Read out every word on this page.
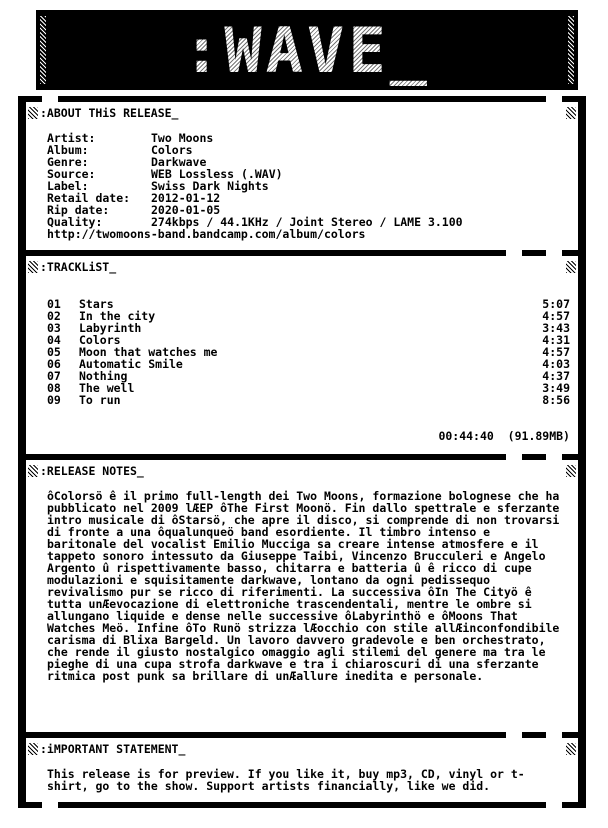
:WAVE_
:ABOUT THiS RELEASE_
Artist:	Two Moons
Album:	Colors
Genre:	Darkwave
Source:	WEB Lossless (.WAV)
Label:	Swiss Dark Nights
Retail date:	2012-01-12
Rip date:	2020-01-05
Quality:	274kbps / 44.1KHz / Joint Stereo / LAME 3.100
http://twomoons-band.bandcamp.com/album/colors
:TRACKLiST_
01	Stars	5:07
02	In the city	4:57
03	Labyrinth	3:43
04	Colors	4:31
05	Moon that watches me	4:57
06	Automatic Smile	4:03
07	Nothing	4:37
08	The well	3:49
09	To run	8:56
00:44:40  (91.89MB)
:RELEASE NOTES_
ôColorsö ê il primo full-length dei Two Moons, formazione bolognese che ha pubblicato nel 2009 lÆEP ôThe First Moonö. Fin dallo spettrale e sferzante intro musicale di ôStarsö, che apre il disco, si comprende di non trovarsi di fronte a una ôqualunqueö band esordiente. Il timbro intenso e baritonale del vocalist Emilio Mucciga sa creare intense atmosfere e il tappeto sonoro intessuto da Giuseppe Taibi, Vincenzo Brucculeri e Angelo Argento û rispettivamente basso, chitarra e batteria û ê ricco di cupe modulazioni e squisitamente darkwave, lontano da ogni pedissequo revivalismo pur se ricco di riferimenti. La successiva ôIn The Cityö ê tutta unÆevocazione di elettroniche trascendentali, mentre le ombre si allungano liquide e dense nelle successive ôLabyrinthö e ôMoons That Watches Meö. Infine ôTo Runö strizza lÆocchio con stile allÆinconfondibile carisma di Blixa Bargeld. Un lavoro davvero gradevole e ben orchestrato, che rende il giusto nostalgico omaggio agli stilemi del genere ma tra le pieghe di una cupa strofa darkwave e tra i chiaroscuri di una sferzante ritmica post punk sa brillare di unÆallure inedita e personale.
:iMPORTANT STATEMENT_
This release is for preview. If you like it, buy mp3, CD, vinyl or t-shirt, go to the show. Support artists financially, like we did.
